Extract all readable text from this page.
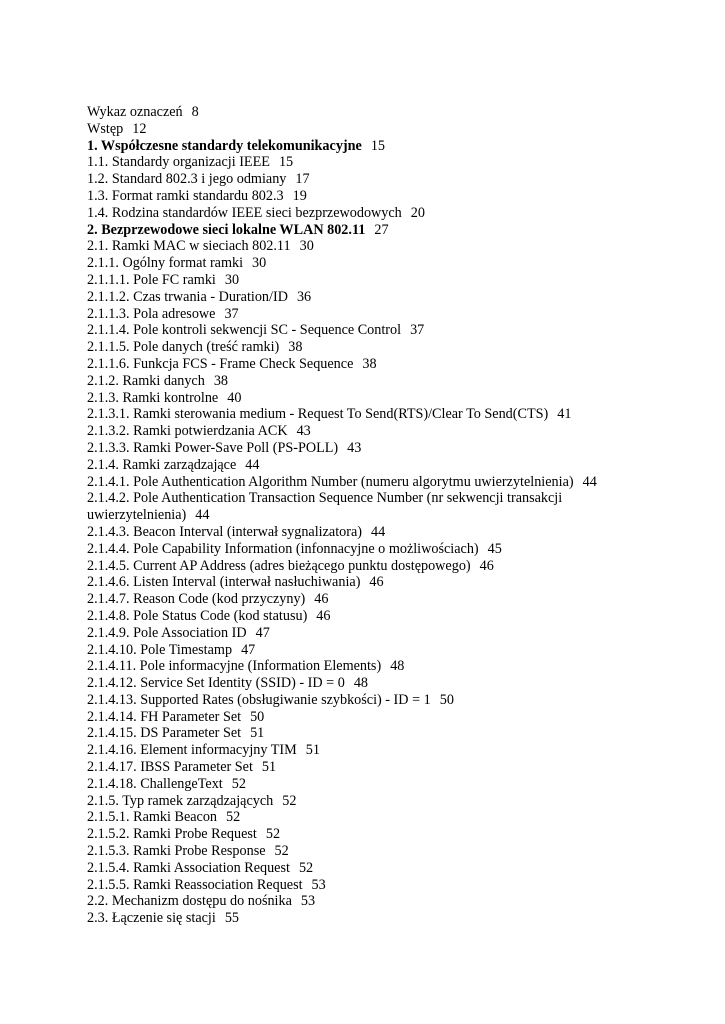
Wykaz oznaczeń 8
Wstęp 12
1. Współczesne standardy telekomunikacyjne 15
1.1. Standardy organizacji IEEE 15
1.2. Standard 802.3 i jego odmiany 17
1.3. Format ramki standardu 802.3 19
1.4. Rodzina standardów IEEE sieci bezprzewodowych 20
2. Bezprzewodowe sieci lokalne WLAN 802.11 27
2.1. Ramki MAC w sieciach 802.11 30
2.1.1. Ogólny format ramki 30
2.1.1.1. Pole FC ramki 30
2.1.1.2. Czas trwania - Duration/ID 36
2.1.1.3. Pola adresowe 37
2.1.1.4. Pole kontroli sekwencji SC - Sequence Control 37
2.1.1.5. Pole danych (treść ramki) 38
2.1.1.6. Funkcja FCS - Frame Check Sequence 38
2.1.2. Ramki danych 38
2.1.3. Ramki kontrolne 40
2.1.3.1. Ramki sterowania medium - Request To Send(RTS)/Clear To Send(CTS) 41
2.1.3.2. Ramki potwierdzania ACK 43
2.1.3.3. Ramki Power-Save Poll (PS-POLL) 43
2.1.4. Ramki zarządzające 44
2.1.4.1. Pole Authentication Algorithm Number (numeru algorytmu uwierzytelnienia) 44
2.1.4.2. Pole Authentication Transaction Sequence Number (nr sekwencji transakcji uwierzytelnienia) 44
2.1.4.3. Beacon Interval (interwał sygnalizatora) 44
2.1.4.4. Pole Capability Information (infonnacyjne o możliwościach) 45
2.1.4.5. Current AP Address (adres bieżącego punktu dostępowego) 46
2.1.4.6. Listen Interval (interwał nasłuchiwania) 46
2.1.4.7. Reason Code (kod przyczyny) 46
2.1.4.8. Pole Status Code (kod statusu) 46
2.1.4.9. Pole Association ID 47
2.1.4.10. Pole Timestamp 47
2.1.4.11. Pole informacyjne (Information Elements) 48
2.1.4.12. Service Set Identity (SSID) - ID = 0 48
2.1.4.13. Supported Rates (obsługiwanie szybkości) - ID = 1 50
2.1.4.14. FH Parameter Set 50
2.1.4.15. DS Parameter Set 51
2.1.4.16. Element informacyjny TIM 51
2.1.4.17. IBSS Parameter Set 51
2.1.4.18. ChallengeText 52
2.1.5. Typ ramek zarządzających 52
2.1.5.1. Ramki Beacon 52
2.1.5.2. Ramki Probe Request 52
2.1.5.3. Ramki Probe Response 52
2.1.5.4. Ramki Association Request 52
2.1.5.5. Ramki Reassociation Request 53
2.2. Mechanizm dostępu do nośnika 53
2.3. Łączenie się stacji 55
